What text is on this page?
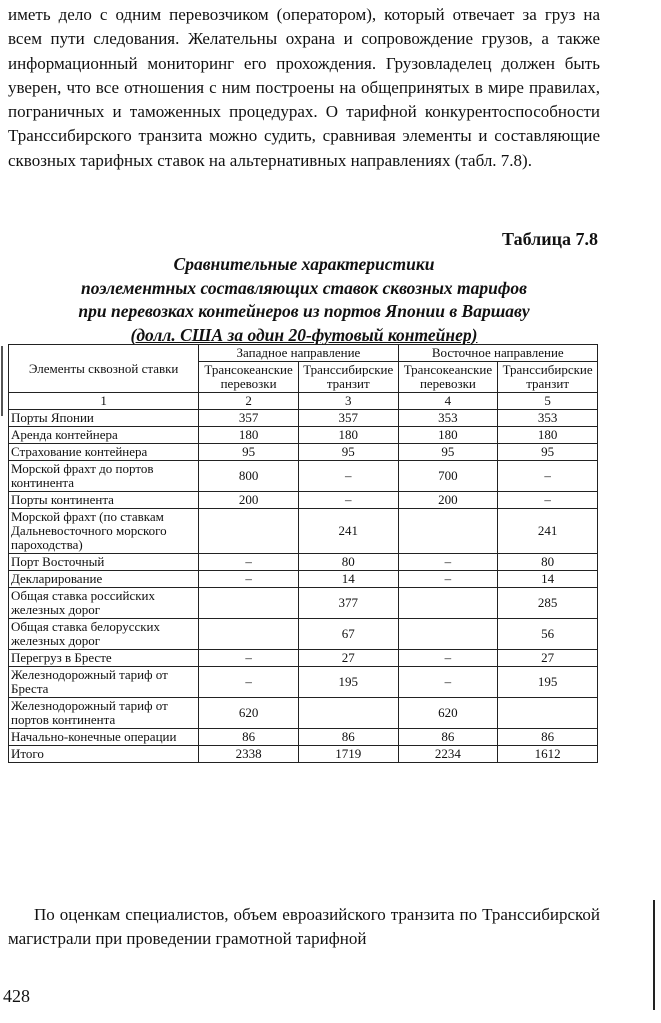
иметь дело с одним перевозчиком (оператором), который отвечает за груз на всем пути следования. Желательны охрана и сопровождение грузов, а также информационный мониторинг его прохождения. Грузовладелец должен быть уверен, что все отношения с ним построены на общепринятых в мире правилах, пограничных и таможенных процедурах. О тарифной конкурентоспособности Транссибирского транзита можно судить, сравнивая элементы и составляющие сквозных тарифных ставок на альтернативных направлениях (табл. 7.8).

Таблица 7.8

Сравнительные характеристики
поэлементных составляющих ставок сквозных тарифов
при перевозках контейнеров из портов Японии в Варшаву
(долл. США за один 20-футовый контейнер)
Элементы сквозной ставки	Западное направление		Восточное направление	
	Трансокеанские перевозки	Транссибирские транзит	Трансокеанские перевозки	Транссибирские транзит
1	2	3	4	5
Порты Японии	357	357	353	353
Аренда контейнера	180	180	180	180
Страхование контейнера	95	95	95	95
Морской фрахт до портов континента	800	–	700	–
Порты континента	200	–	200	–
Морской фрахт (по ставкам Дальневосточного морского пароходства)		241		241
Порт Восточный	–	80	–	80
Декларирование	–	14	–	14
Общая ставка российских железных дорог		377		285
Общая ставка белорусских железных дорог		67		56
Перегруз в Бресте	–	27	–	27
Железнодорожный тариф от Бреста	–	195	–	195
Железнодорожный тариф от портов континента	620		620	
Начально-конечные операции	86	86	86	86
Итого	2338	1719	2234	1612

По оценкам специалистов, объем евроазийского транзита по Транссибирской магистрали при проведении грамотной тарифной

428
